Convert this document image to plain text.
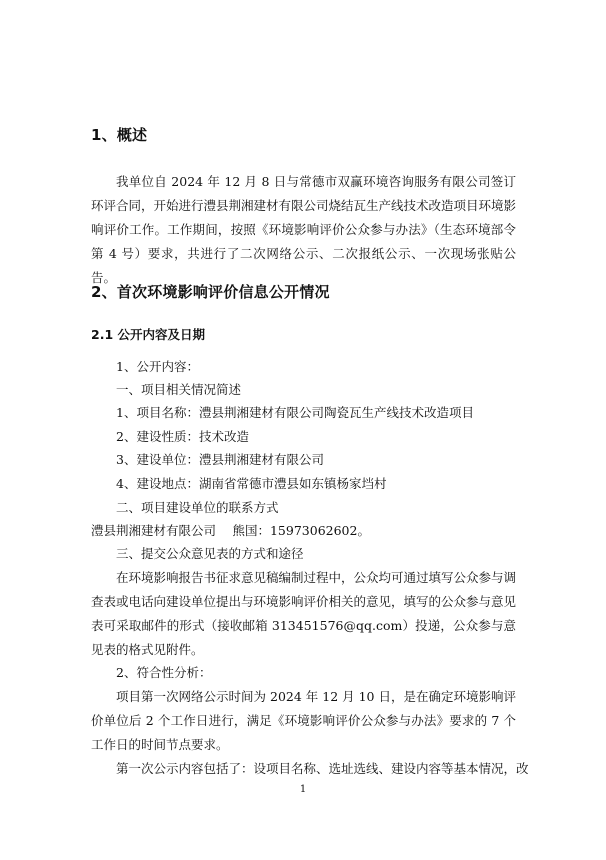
1、概述

我单位自 2024 年 12 月 8 日与常德市双赢环境咨询服务有限公司签订环评合同，开始进行澧县荆湘建材有限公司烧结瓦生产线技术改造项目环境影响评价工作。工作期间，按照《环境影响评价公众参与办法》（生态环境部令第 4 号）要求，共进行了二次网络公示、二次报纸公示、一次现场张贴公告。

2、首次环境影响评价信息公开情况
2.1 公开内容及日期
1、公开内容：
一、项目相关情况简述
1、项目名称：澧县荆湘建材有限公司陶瓷瓦生产线技术改造项目
2、建设性质：技术改造
3、建设单位：澧县荆湘建材有限公司
4、建设地点：湖南省常德市澧县如东镇杨家垱村
二、项目建设单位的联系方式
澧县荆湘建材有限公司　 熊国：15973062602。
三、提交公众意见表的方式和途径

在环境影响报告书征求意见稿编制过程中，公众均可通过填写公众参与调查表或电话向建设单位提出与环境影响评价相关的意见，填写的公众参与意见表可采取邮件的形式（接收邮箱 313451576@qq.com）投递，公众参与意见表的格式见附件。

2、符合性分析：

项目第一次网络公示时间为 2024 年 12 月 10 日，是在确定环境影响评价单位后 2 个工作日进行，满足《环境影响评价公众参与办法》要求的 7 个工作日的时间节点要求。

第一次公示内容包括了：设项目名称、选址选线、建设内容等基本情况，改
1
